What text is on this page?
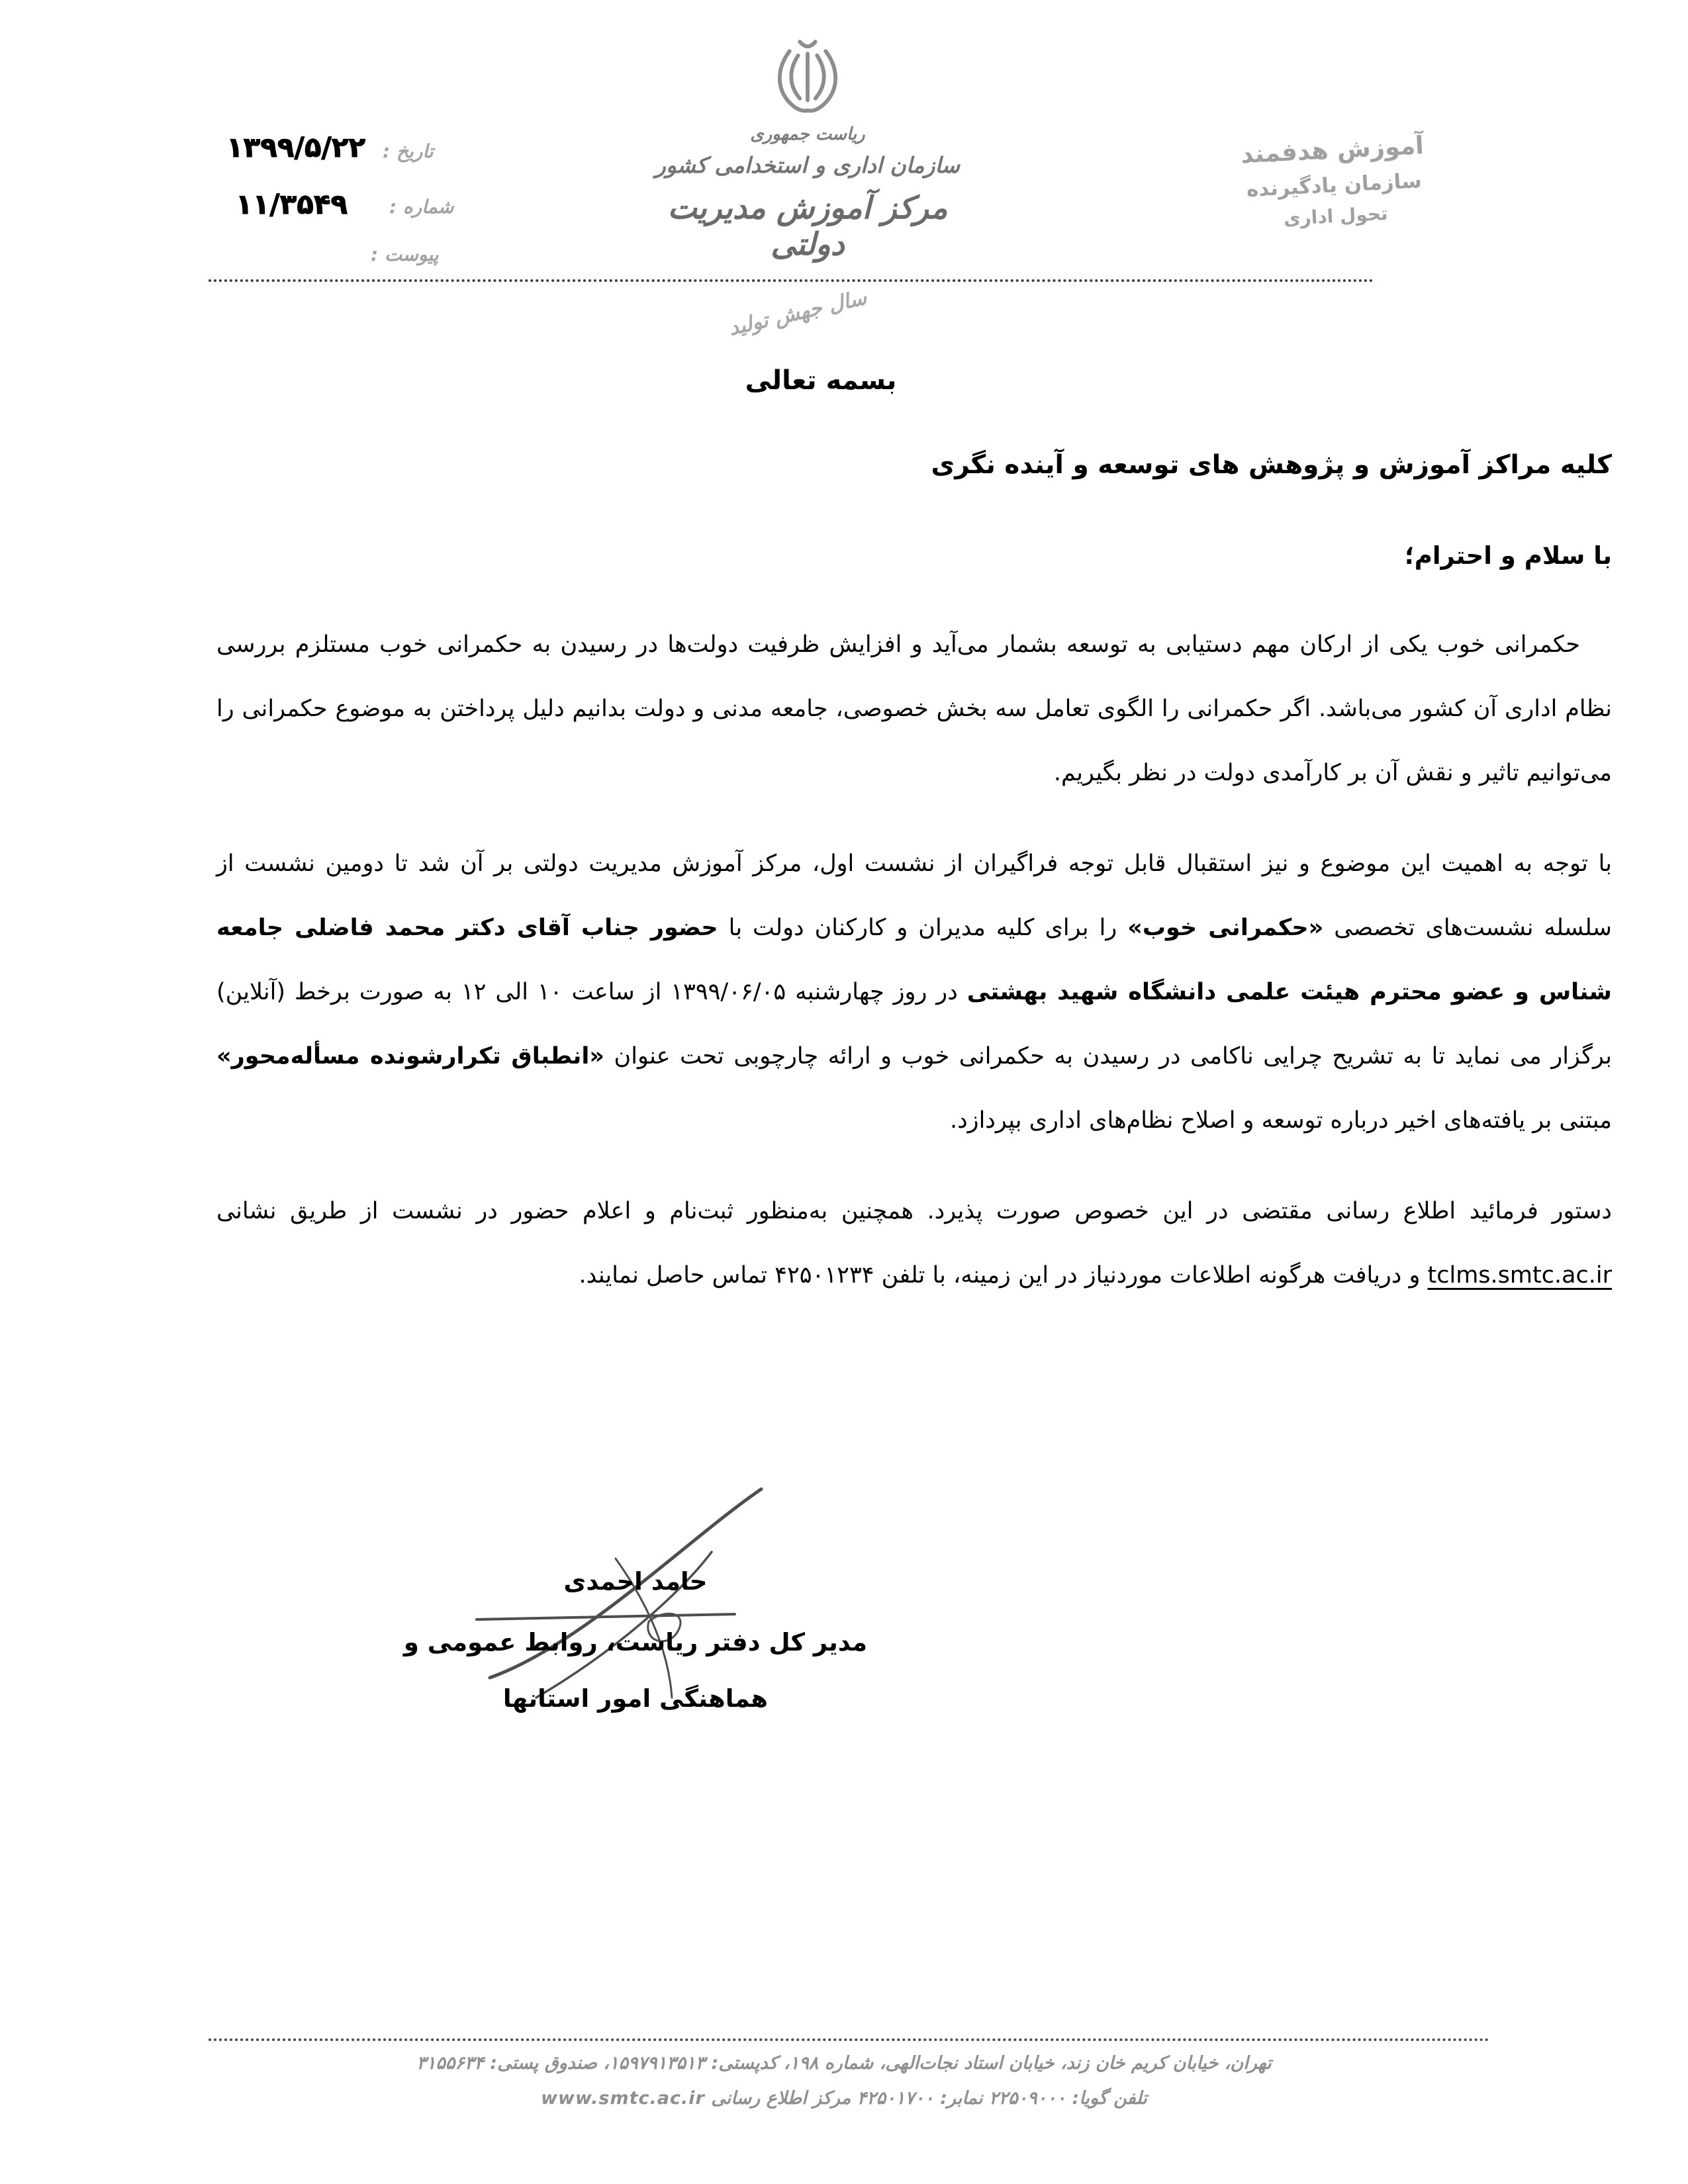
تاریخ :
۱۳۹۹/۵/۲۲
شماره :
۱۱/۳۵۴۹
پیوست :
ریاست جمهوری
سازمان اداری و استخدامی کشور
مرکز آموزش مدیریت دولتی
آموزش هدفمند
سازمان یادگیرنده
تحول اداری
سال جهش تولید
بسمه تعالی
کلیه مراکز آموزش و پژوهش های توسعه و آینده نگری
با سلام و احترام؛

حکمرانی خوب یکی از ارکان مهم دستیابی به توسعه بشمار می‌آید و افزایش ظرفیت دولت‌ها در رسیدن به حکمرانی خوب مستلزم بررسی نظام اداری آن کشور می‌باشد. اگر حکمرانی را الگوی تعامل سه بخش خصوصی، جامعه مدنی و دولت بدانیم دلیل پرداختن به موضوع حکمرانی را می‌توانیم تاثیر و نقش آن بر کارآمدی دولت در نظر بگیریم.

با توجه به اهمیت این موضوع و نیز استقبال قابل توجه فراگیران از نشست اول، مرکز آموزش مدیریت دولتی بر آن شد تا دومین نشست از سلسله نشست‌های تخصصی «حکمرانی خوب» را برای کلیه مدیران و کارکنان دولت با حضور جناب آقای دکتر محمد فاضلی جامعه شناس و عضو محترم هیئت علمی دانشگاه شهید بهشتی در روز چهارشنبه ۱۳۹۹/۰۶/۰۵ از ساعت ۱۰ الی ۱۲ به صورت برخط (آنلاین) برگزار می نماید تا به تشریح چرایی ناکامی در رسیدن به حکمرانی خوب و ارائه چارچوبی تحت عنوان «انطباق تکرارشونده مسأله‌محور» مبتنی بر یافته‌های اخیر درباره توسعه و اصلاح نظام‌های اداری بپردازد.

دستور فرمائید اطلاع رسانی مقتضی در این خصوص صورت پذیرد. همچنین به‌منظور ثبت‌نام و اعلام حضور در نشست از طریق نشانی tclms.smtc.ac.ir و دریافت هرگونه اطلاعات موردنیاز در این زمینه، با تلفن ۴۲۵۰۱۲۳۴ تماس حاصل نمایند.

حامد احمدی
مدیر کل دفتر ریاست، روابط عمومی و
هماهنگی امور استانها
تهران، خیابان کریم خان زند، خیابان استاد نجات‌الهی، شماره ۱۹۸، کدپستی: ۱۵۹۷۹۱۳۵۱۳، صندوق پستی: ۳۱۵۵۶۳۴
تلفن گویا: ۲۲۵۰۹۰۰۰ نمابر: ۴۲۵۰۱۷۰۰ مرکز اطلاع رسانی www.smtc.ac.ir
